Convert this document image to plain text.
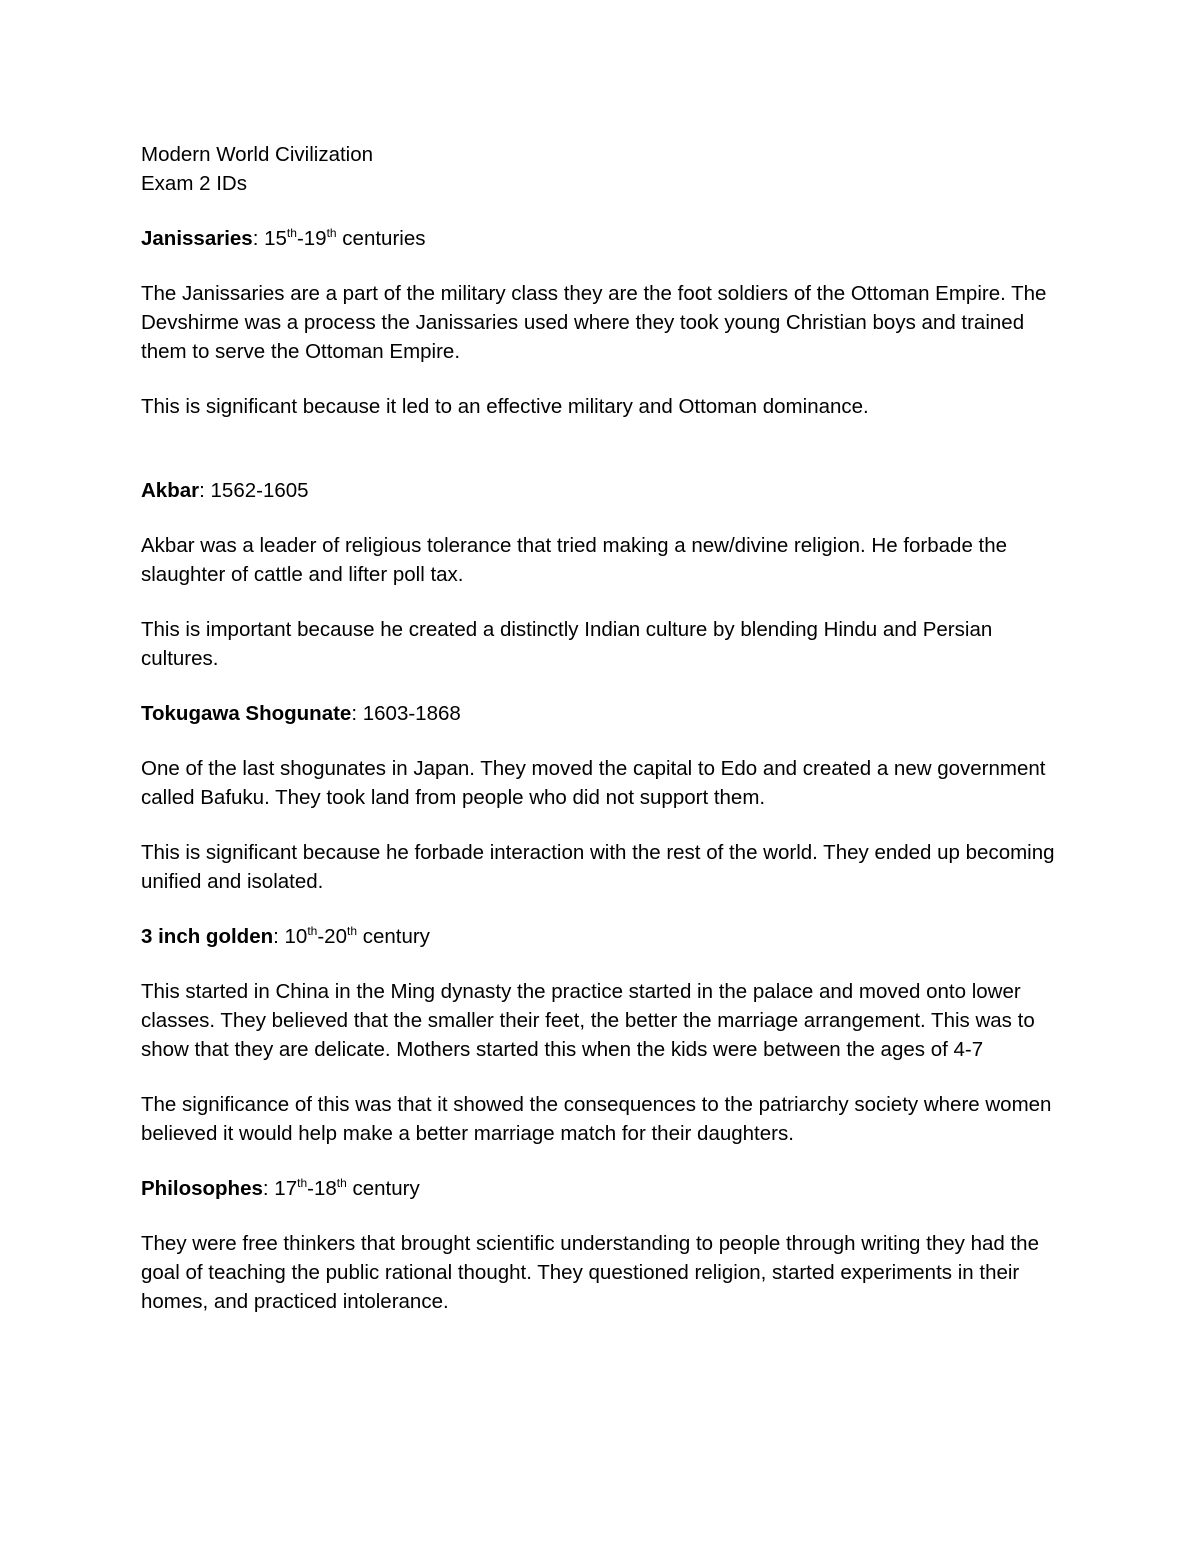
Modern World Civilization

Exam 2 IDs

Janissaries: 15th-19th centuries

The Janissaries are a part of the military class they are the foot soldiers of the Ottoman Empire. The Devshirme was a process the Janissaries used where they took young Christian boys and trained them to serve the Ottoman Empire.

This is significant because it led to an effective military and Ottoman dominance.

Akbar: 1562-1605

Akbar was a leader of religious tolerance that tried making a new/divine religion. He forbade the slaughter of cattle and lifter poll tax.

This is important because he created a distinctly Indian culture by blending Hindu and Persian cultures.

Tokugawa Shogunate: 1603-1868

One of the last shogunates in Japan. They moved the capital to Edo and created a new government called Bafuku. They took land from people who did not support them.

This is significant because he forbade interaction with the rest of the world. They ended up becoming unified and isolated.

3 inch golden: 10th-20th century

This started in China in the Ming dynasty the practice started in the palace and moved onto lower classes. They believed that the smaller their feet, the better the marriage arrangement. This was to show that they are delicate. Mothers started this when the kids were between the ages of 4-7

The significance of this was that it showed the consequences to the patriarchy society where women believed it would help make a better marriage match for their daughters.

Philosophes: 17th-18th century

They were free thinkers that brought scientific understanding to people through writing they had the goal of teaching the public rational thought. They questioned religion, started experiments in their homes, and practiced intolerance.
